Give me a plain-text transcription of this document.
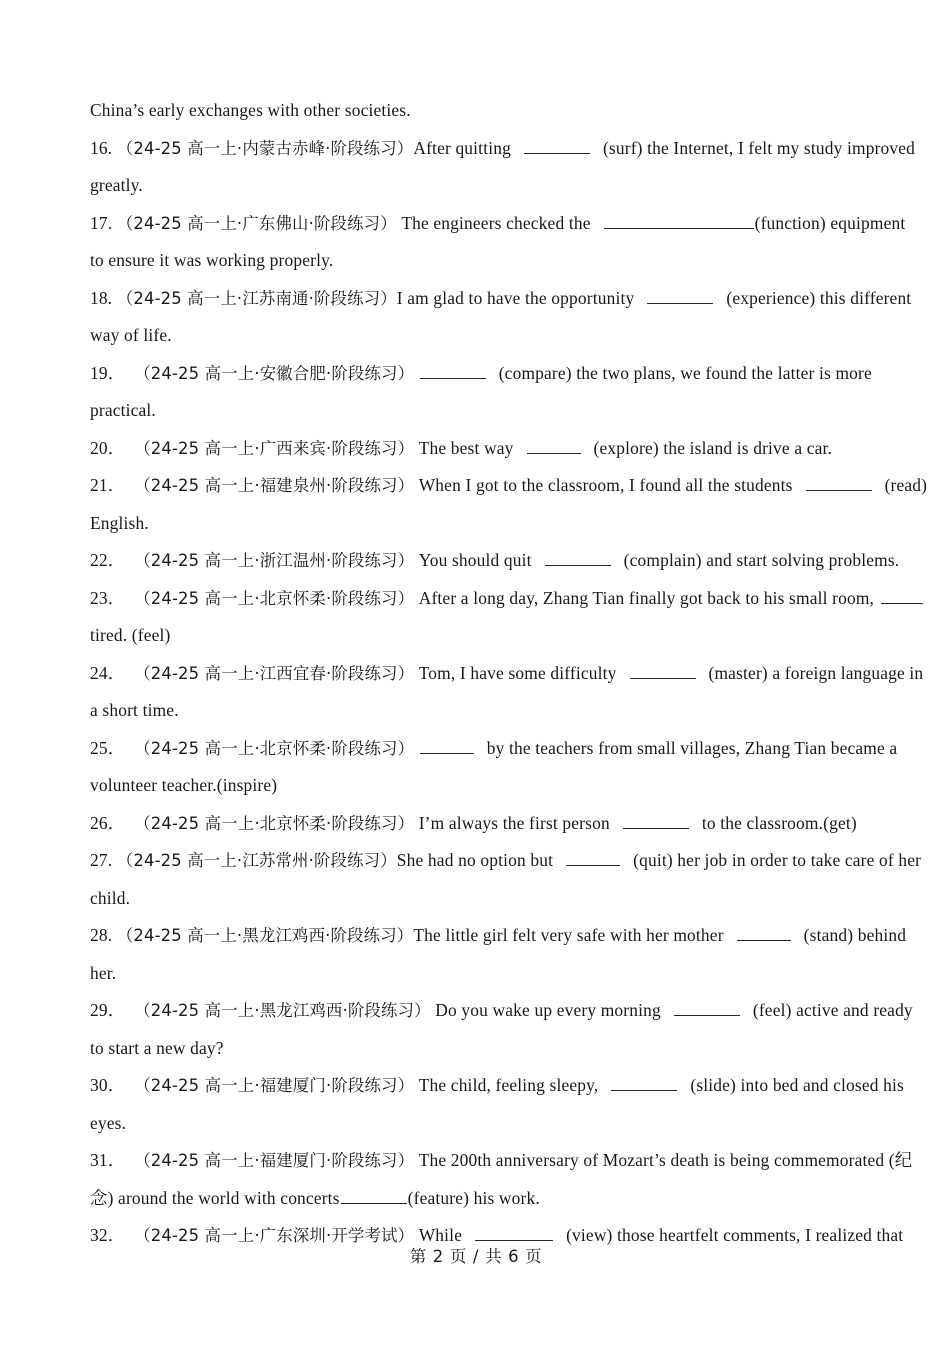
China’s early exchanges with other societies.
16. （24-25 高一上·内蒙古赤峰·阶段练习）After quitting	(surf) the Internet, I felt my study improved
greatly.
17. （24-25 高一上·广东佛山·阶段练习） The engineers checked the	(function) equipment
to ensure it was working properly.
18. （24-25 高一上·江苏南通·阶段练习）I am glad to have the opportunity	(experience) this different
way of life.
19．  （24-25 高一上·安徽合肥·阶段练习）	(compare) the two plans, we found the latter is more
practical.
20．  （24-25 高一上·广西来宾·阶段练习） The best way	(explore) the island is drive a car.
21．  （24-25 高一上·福建泉州·阶段练习） When I got to the classroom, I found all the students	(read)
English.
22．  （24-25 高一上·浙江温州·阶段练习） You should quit	(complain) and start solving problems.
23．  （24-25 高一上·北京怀柔·阶段练习） After a long day, Zhang Tian finally got back to his small room,
tired. (feel)
24．  （24-25 高一上·江西宜春·阶段练习） Tom, I have some difficulty	(master) a foreign language in
a short time.
25．  （24-25 高一上·北京怀柔·阶段练习）	by the teachers from small villages, Zhang Tian became a
volunteer teacher.(inspire)
26．  （24-25 高一上·北京怀柔·阶段练习） I’m always the first person	to the classroom.(get)
27. （24-25 高一上·江苏常州·阶段练习）She had no option but	(quit) her job in order to take care of her
child.
28. （24-25 高一上·黑龙江鸡西·阶段练习）The little girl felt very safe with her mother	(stand) behind
her.
29．  （24-25 高一上·黑龙江鸡西·阶段练习） Do you wake up every morning	(feel) active and ready
to start a new day?
30．  （24-25 高一上·福建厦门·阶段练习） The child, feeling sleepy,	(slide) into bed and closed his
eyes.
31．  （24-25 高一上·福建厦门·阶段练习） The 200th anniversary of Mozart’s death is being commemorated (纪
念) around the world with concerts	(feature) his work.
32．  （24-25 高一上·广东深圳·开学考试） While	(view) those heartfelt comments, I realized that
第 2 页 / 共 6 页
